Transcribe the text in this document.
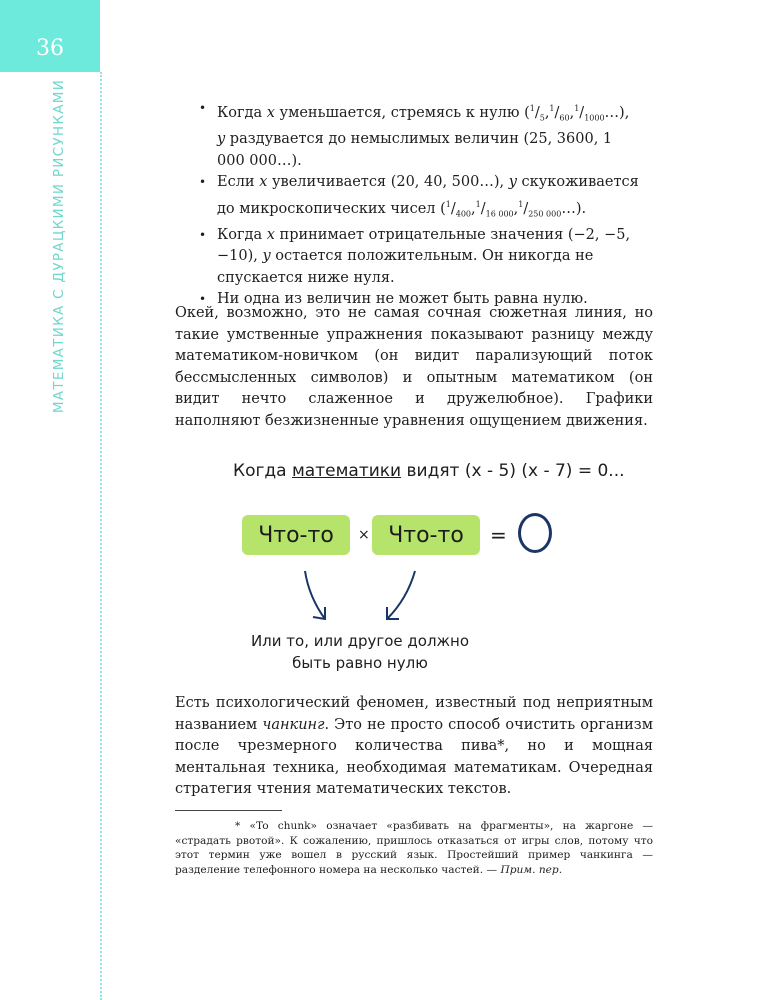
36
МАТЕМАТИКА С ДУРАЦКИМИ РИСУНКАМИ
•	Когда x уменьшается, стремясь к нулю $(^1/_5,^1/_{60},^1/_{1000}\dots)$, y раздувается до немыслимых величин (25, 3600, 1 000 000…).
• Если x увеличивается (20, 40, 500…), y скукоживается до микроскопических чисел $(^1/_{400},^1/_{16 000},^1/_{250 000}\dots)$.
• Когда x принимает отрицательные значения (−2, −5, −10), y остается положительным. Он никогда не спускается ниже нуля.
• Ни одна из величин не может быть равна нулю.

Окей, возможно, это не самая сочная сюжетная линия, но такие умственные упражнения показывают разницу между математиком-новичком (он видит парализующий поток бессмысленных символов) и опытным математиком (он видит нечто слаженное и дружелюбное). Графики наполняют безжизненные уравнения ощущением движения.

Когда математики видят (x - 5) (x - 7) = 0...
Что-то	× Что-то	=
Или то, или другое должно
быть равно нулю

Есть психологический феномен, известный под неприятным названием чанкинг. Это не просто способ очистить организм после чрезмерного количества пива*, но и мощная ментальная техника, необходимая математикам. Очередная стратегия чтения математических текстов.

* «To chunk» означает «разбивать на фрагменты», на жаргоне — «страдать рвотой». К сожалению, пришлось отказаться от игры слов, потому что этот термин уже вошел в русский язык. Простейший пример чанкинга — разделение телефонного номера на несколько частей. — Прим. пер.
